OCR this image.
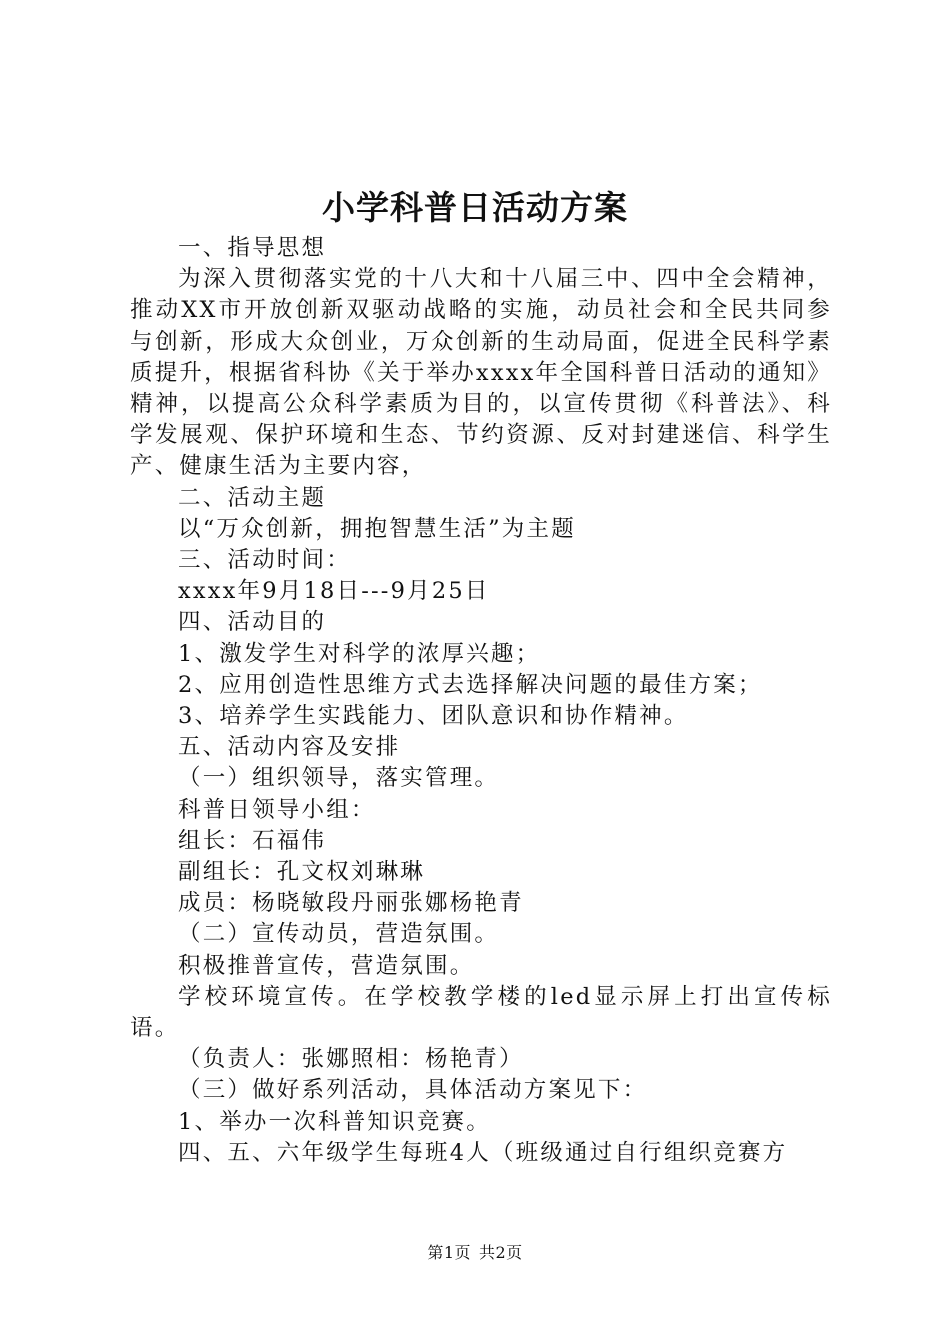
小学科普日活动方案

一、指导思想

为深入贯彻落实党的十八大和十八届三中、四中全会精神，推动XX市开放创新双驱动战略的实施，动员社会和全民共同参与创新，形成大众创业，万众创新的生动局面，促进全民科学素质提升，根据省科协《关于举办xxxx年全国科普日活动的通知》精神，以提高公众科学素质为目的，以宣传贯彻《科普法》、科学发展观、保护环境和生态、节约资源、反对封建迷信、科学生产、健康生活为主要内容，

二、活动主题

以“万众创新，拥抱智慧生活”为主题

三、活动时间：

xxxx年9月18日---9月25日

四、活动目的

1、激发学生对科学的浓厚兴趣；

2、应用创造性思维方式去选择解决问题的最佳方案；

3、培养学生实践能力、团队意识和协作精神。

五、活动内容及安排

（一）组织领导，落实管理。

科普日领导小组：

组长：石福伟

副组长：孔文权刘琳琳

成员：杨晓敏段丹丽张娜杨艳青

（二）宣传动员，营造氛围。

积极推普宣传，营造氛围。

学校环境宣传。在学校教学楼的led显示屏上打出宣传标语。

（负责人：张娜照相：杨艳青）

（三）做好系列活动，具体活动方案见下：

1、举办一次科普知识竞赛。

四、五、六年级学生每班4人（班级通过自行组织竞赛方

第1页 共2页
